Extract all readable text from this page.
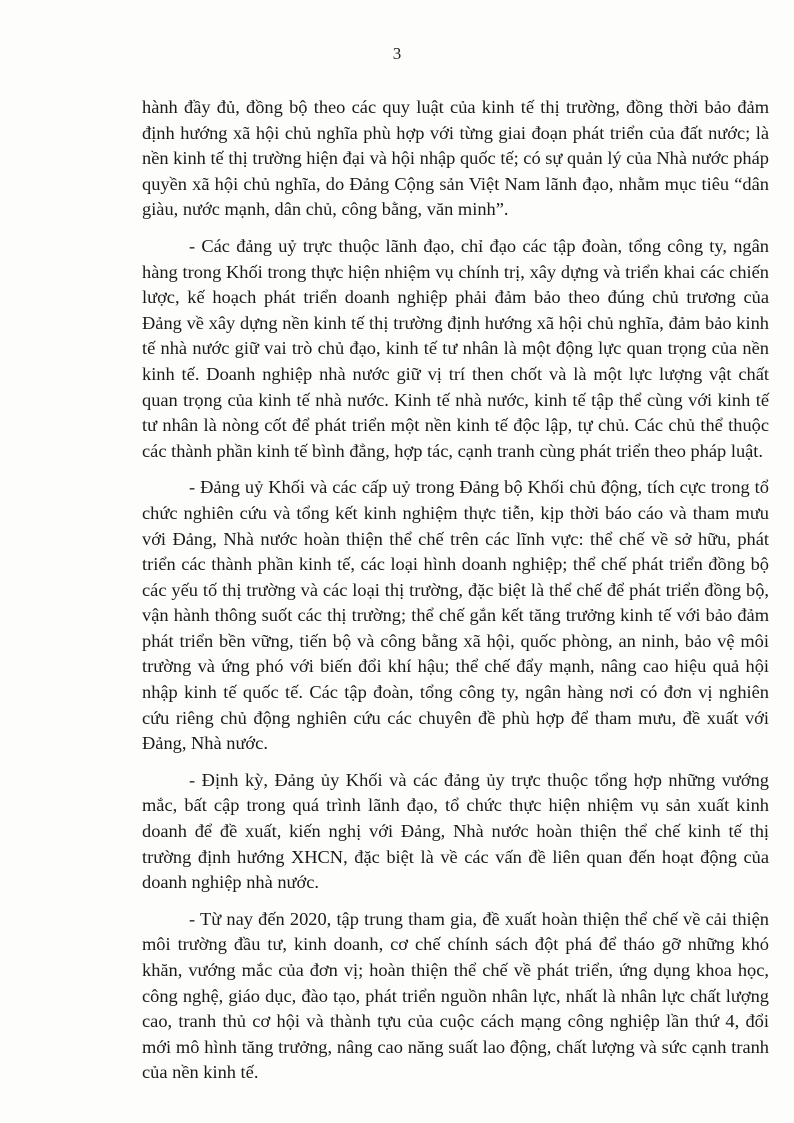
3

hành đầy đủ, đồng bộ theo các quy luật của kinh tế thị trường, đồng thời bảo đảm định hướng xã hội chủ nghĩa phù hợp với từng giai đoạn phát triển của đất nước; là nền kinh tế thị trường hiện đại và hội nhập quốc tế; có sự quản lý của Nhà nước pháp quyền xã hội chủ nghĩa, do Đảng Cộng sản Việt Nam lãnh đạo, nhằm mục tiêu “dân giàu, nước mạnh, dân chủ, công bằng, văn minh”.

- Các đảng uỷ trực thuộc lãnh đạo, chỉ đạo các tập đoàn, tổng công ty, ngân hàng trong Khối trong thực hiện nhiệm vụ chính trị, xây dựng và triển khai các chiến lược, kế hoạch phát triển doanh nghiệp phải đảm bảo theo đúng chủ trương của Đảng về xây dựng nền kinh tế thị trường định hướng xã hội chủ nghĩa, đảm bảo kinh tế nhà nước giữ vai trò chủ đạo, kinh tế tư nhân là một động lực quan trọng của nền kinh tế. Doanh nghiệp nhà nước giữ vị trí then chốt và là một lực lượng vật chất quan trọng của kinh tế nhà nước. Kinh tế nhà nước, kinh tế tập thể cùng với kinh tế tư nhân là nòng cốt để phát triển một nền kinh tế độc lập, tự chủ. Các chủ thể thuộc các thành phần kinh tế bình đẳng, hợp tác, cạnh tranh cùng phát triển theo pháp luật.

- Đảng uỷ Khối và các cấp uỷ trong Đảng bộ Khối chủ động, tích cực trong tổ chức nghiên cứu và tổng kết kinh nghiệm thực tiễn, kịp thời báo cáo và tham mưu với Đảng, Nhà nước hoàn thiện thể chế trên các lĩnh vực: thể chế về sở hữu, phát triển các thành phần kinh tế, các loại hình doanh nghiệp; thể chế phát triển đồng bộ các yếu tố thị trường và các loại thị trường, đặc biệt là thể chế để phát triển đồng bộ, vận hành thông suốt các thị trường; thể chế gắn kết tăng trưởng kinh tế với bảo đảm phát triển bền vững, tiến bộ và công bằng xã hội, quốc phòng, an ninh, bảo vệ môi trường và ứng phó với biến đổi khí hậu; thể chế đẩy mạnh, nâng cao hiệu quả hội nhập kinh tế quốc tế. Các tập đoàn, tổng công ty, ngân hàng nơi có đơn vị nghiên cứu riêng chủ động nghiên cứu các chuyên đề phù hợp để tham mưu, đề xuất với Đảng, Nhà nước.

- Định kỳ, Đảng ủy Khối và các đảng ủy trực thuộc tổng hợp những vướng mắc, bất cập trong quá trình lãnh đạo, tổ chức thực hiện nhiệm vụ sản xuất kinh doanh để đề xuất, kiến nghị với Đảng, Nhà nước hoàn thiện thể chế kinh tế thị trường định hướng XHCN, đặc biệt là về các vấn đề liên quan đến hoạt động của doanh nghiệp nhà nước.

- Từ nay đến 2020, tập trung tham gia, đề xuất hoàn thiện thể chế về cải thiện môi trường đầu tư, kinh doanh, cơ chế chính sách đột phá để tháo gỡ những khó khăn, vướng mắc của đơn vị; hoàn thiện thể chế về phát triển, ứng dụng khoa học, công nghệ, giáo dục, đào tạo, phát triển nguồn nhân lực, nhất là nhân lực chất lượng cao, tranh thủ cơ hội và thành tựu của cuộc cách mạng công nghiệp lần thứ 4, đổi mới mô hình tăng trưởng, nâng cao năng suất lao động, chất lượng và sức cạnh tranh của nền kinh tế.
